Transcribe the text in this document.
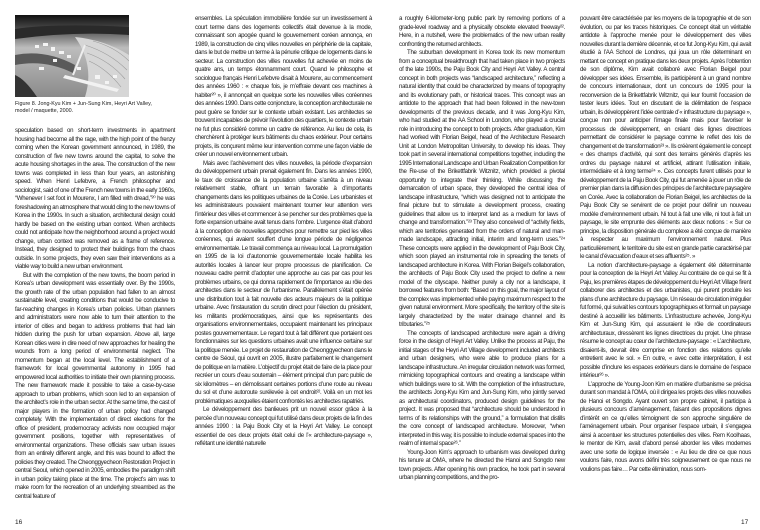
Figure 8. Jong-Kyu Kim + Jun-Sung Kim, Heyri Art Valley, model / maquette, 2000.

speculation based on short-term investments in apartment housing had become all the rage, with the high point of the frenzy coming when the Korean government announced, in 1989, the construction of five new towns around the capital, to solve the acute housing shortages in the area. The construction of the new towns was completed in less than four years, an astonishing speed. When Henri Lefebvre, a French philosopher and sociologist, said of one of the French new towns in the early 1960s, “Whenever I set foot in Mourenx, I am filled with dread,”²⁰ he was foreshadowing an atmosphere that would cling to the new towns of Korea in the 1990s. In such a situation, architectural design could hardly be based on the existing urban context. When architects could not anticipate how the neighborhood around a project would change, urban context was removed as a frame of reference. Instead, they designed to protect their buildings from the chaos outside. In some projects, they even saw their interventions as a viable way to build a new urban environment.

But with the completion of the new towns, the boom period in Korea’s urban development was essentially over. By the 1990s, the growth rate of the urban population had fallen to an almost sustainable level, creating conditions that would be conducive to far-reaching changes in Korea’s urban policies. Urban planners and administrators were now able to turn their attention to the interior of cities and began to address problems that had lain hidden during the push for urban expansion. Above all, large Korean cities were in dire need of new approaches for healing the wounds from a long period of environmental neglect. The momentum began at the local level. The establishment of a framework for local governmental autonomy in 1995 had empowered local authorities to initiate their own planning process. The new framework made it possible to take a case-by-case approach to urban problems, which soon led to an expansion of the architect’s role in the urban sector. At the same time, the cast of major players in the formation of urban policy had changed completely. With the implementation of direct elections for the office of president, prodemocracy activists now occupied major government positions, together with representatives of environmental organizations. These officials saw urban issues from an entirely different angle, and this was bound to affect the policies they created. The Cheonggyecheon Restoration Project in central Seoul, which opened in 2005, embodies the paradigm shift in urban policy taking place at the time. The project’s aim was to make room for the recreation of an underlying streambed as the central feature of

ensembles. La spéculation immobilière fondée sur un investissement à court terme dans des logements collectifs était devenue à la mode, connaissant son apogée quand le gouvernement coréen annonça, en 1989, la construction de cinq villes nouvelles en périphérie de la capitale, dans le but de mettre un terme à la pénurie critique de logements dans le secteur. La construction des villes nouvelles fut achevée en moins de quatre ans, un temps étonnamment court. Quand le philosophe et sociologue français Henri Lefebvre disait à Mourenx, au commencement des années 1960 : « chaque fois, je m’effraie devant ces machines à habiter²⁰ », il annonçait en quelque sorte les nouvelles villes coréennes des années 1990. Dans cette conjoncture, la conception architecturale ne peut guère se fonder sur le contexte urbain existant. Les architectes se trouvent incapables de prévoir l’évolution des quartiers, le contexte urbain ne fut plus considéré comme un cadre de référence. Au lieu de cela, ils cherchèrent à protéger leurs bâtiments du chaos extérieur. Pour certains projets, ils conçurent même leur intervention comme une façon viable de créer un nouvel environnement urbain.

Mais avec l’achèvement des villes nouvelles, la période d’expansion du développement urbain prenait également fin. Dans les années 1990, le taux de croissance de la population urbaine s’arrêta à un niveau relativement stable, offrant un terrain favorable à d’importants changements dans les politiques urbaines de la Corée. Les urbanistes et les administrateurs pouvaient maintenant tourner leur attention vers l’intérieur des villes et commencer à se pencher sur des problèmes que la forte expansion urbaine avait tenus dans l’ombre. L’urgence était d’abord à la conception de nouvelles approches pour remettre sur pied les villes coréennes, qui avaient souffert d’une longue période de négligence environnementale. Le travail commença au niveau local. La promulgation en 1995 de la loi d’autonomie gouvernementale locale habilita les autorités locales à lancer leur propre processus de planification. Ce nouveau cadre permit d’adopter une approche au cas par cas pour les problèmes urbains, ce qui donna rapidement de l’importance au rôle des architectes dans le secteur de l’urbanisme. Parallèlement s’était opérée une distribution tout à fait nouvelle des acteurs majeurs de la politique urbaine. Avec l’instauration du scrutin direct pour l’élection du président, les militants prodémocratiques, ainsi que les représentants des organisations environnementales, occupaient maintenant les principaux postes gouvernementaux. Le regard tout à fait différent que portaient ces fonctionnaires sur les questions urbaines avait une influence certaine sur la politique menée. Le projet de restauration de Cheonggyecheon dans le centre de Séoul, qui ouvrit en 2005, illustre parfaitement le changement de politique en la matière. L’objectif du projet était de faire de la place pour recréer un cours d’eau souterrain – élément principal d’un parc public de six kilomètres – en démolissant certaines portions d’une route au niveau du sol et d’une autoroute surélevée à cet endroit²². Voilà en un mot les problématiques auxquelles étaient confrontés les architectes rapatriés.

Le développement des banlieues prit un nouvel essor grâce à la percée d’un nouveau concept qui fut utilisé dans deux projets de la fin des années 1990 : la Paju Book City et la Heyri Art Valley. Le concept essentiel de ces deux projets était celui de l’« architecture-paysage », reflétant une identité naturelle

a roughly 6-kilometer-long public park by removing portions of a grade-level roadway and a physically obsolete elevated freeway²². Here, in a nutshell, were the problematics of the new urban reality confronting the returned architects.

The suburban development in Korea took its new momentum from a conceptual breakthrough that had taken place in two projects of the late 1990s, the Paju Book City and Heyri Art Valley. A central concept in both projects was “landscaped architecture,” reflecting a natural identity that could be characterized by means of topography and its evolutionary path, or historical traces. This concept was an antidote to the approach that had been followed in the new-town developments of the previous decade, and it was Jong-Kyu Kim, who had studied at the AA School in London, who played a crucial role in introducing the concept to both projects. After graduation, Kim had worked with Florian Beigel, head of the Architecture Research Unit at London Metropolitan University, to develop his ideas. They took part in several international competitions together, including the 1995 International Landscape and Urban Realization Competition for the Re-use of the Brikettfabrik Witznitz, which provided a pivotal opportunity to integrate their thinking. While discussing the demarcation of urban space, they developed the central idea of landscape infrastructure, “which was designed not to anticipate the final picture but to stimulate a development process, creating guidelines that allow us to interpret land as a medium for laws of change and transformation.”²³ They also conceived of “activity fields, which are territories generated from the orders of natural and man-made landscape, attracting initial, interim and long-term uses.”²⁴ These concepts were applied in the development of Paju Book City, which soon played an instrumental role in spreading the tenets of landscaped architecture in Korea. With Florian Beigel’s collaboration, the architects of Paju Book City used the project to define a new model of the cityscape. Neither purely a city nor a landscape, it borrowed features from both: “Based on this goal, the major layout of the complex was implemented while paying maximum respect to the given natural environment. More specifically, the territory of the site is largely characterized by the water drainage channel and its tributaries.”²⁵

The concepts of landscaped architecture were again a driving force in the design of Heyri Art Valley. Unlike the process at Paju, the initial stages of the Heyri Art Village development included architects and urban designers, who were able to produce plans for a landscape infrastructure. An irregular circulation network was formed, mimicking topographical contours and creating a landscape within which buildings were to sit. With the completion of the infrastructure, the architects Jong-Kyu Kim and Jun-Sung Kim, who jointly served as architectural coordinators, produced design guidelines for the project. It was proposed that “architecture should be understood in terms of its relationships with the ground,” a formulation that distills the core concept of landscaped architecture. Moreover, “when interpreted in this way, it is possible to include external spaces into the realm of internal space²⁶.”

Young-Joon Kim’s approach to urbanism was developed during his tenure at OMA, where he directed the Hanoi and Songdo new town projects. After opening his own practice, he took part in several urban planning competitions, and the pro-

pouvant être caractérisée par les moyens de la topographie et de son évolution, ou par les traces historiques. Ce concept était un véritable antidote à l’approche menée pour le développement des villes nouvelles durant la dernière décennie, et ce fut Jong-Kyu Kim, qui avait étudié à l’AA School de Londres, qui joua un rôle déterminant en mettant ce concept en pratique dans les deux projets. Après l’obtention de son diplôme, Kim avait collaboré avec Florian Beigel pour développer ses idées. Ensemble, ils participèrent à un grand nombre de concours internationaux, dont un concours de 1995 pour la reconversion de la Brikettfabrik Witznitz, qui leur fournit l’occasion de tester leurs idées. Tout en discutant de la délimitation de l’espace urbain, ils développèrent l’idée centrale d’« infrastructure du paysage », conçue non pour anticiper l’image finale mais pour favoriser le processus de développement, en créant des lignes directrices permettant de considérer le paysage comme le reflet des lois de changement et de transformation²³ ». Ils créèrent également le concept « des champs d’activité, qui sont des terrains générés d’après les ordres du paysage naturel et artificiel, attirant l’utilisation initiale, intermédiaire et à long terme²⁴ ». Ces concepts furent utilisés pour le développement de la Paju Book City, qui fut amenée à jouer un rôle de premier plan dans la diffusion des principes de l’architecture paysagère en Corée. Avec la collaboration de Florian Beigel, les architectes de la Paju Book City se servirent de ce projet pour définir un nouveau modèle d’environnement urbain. Ni tout à fait une ville, ni tout à fait un paysage, le site emprunte des éléments aux deux notions : « Sur ce principe, la disposition générale du complexe a été conçue de manière à respecter au maximum l’environnement naturel. Plus particulièrement, le territoire du site est en grande partie caractérisé par le canal d’évacuation d’eaux et ses affluents²⁵. »

La notion d’architecture-paysage a également été déterminante pour la conception de la Heyri Art Valley. Au contraire de ce qui se fit à Paju, les premières étapes de développement du Heyri Art Village firent collaborer des architectes et des urbanistes, qui purent produire les plans d’une architecture du paysage. Un réseau de circulation irrégulier fut formé, qui suivait les contours topographiques et formait un paysage destiné à accueillir les bâtiments. L’infrastructure achevée, Jong-Kyu Kim et Jun-Sung Kim, qui assuraient le rôle de coordinateurs architecturaux, dressèrent les lignes directrices du projet. Une phrase résume le concept au cœur de l’architecture-paysage : « L’architecture, disaient-ils, devrait être comprise en fonction des relations qu’elle entretient avec le sol. » En outre, « avec cette interprétation, il est possible d’inclure les espaces extérieurs dans le domaine de l’espace intérieur²⁶ ».

L’approche de Young-Joon Kim en matière d’urbanisme se précisa durant son mandat à l’OMA, où il dirigea les projets des villes nouvelles de Hanoi et Songdo. Ayant ouvert son propre cabinet, il participa à plusieurs concours d’aménagement, faisant des propositions dignes d’intérêt en ce qu’elles témoignent de son approche singulière de l’aménagement urbain. Pour organiser l’espace urbain, il s’engagea ainsi à accentuer les structures potentielles des villes. Rem Koolhaas, le mentor de Kim, avait d’abord pensé aborder les villes modernes avec une sorte de logique inversée : « Au lieu de dire ce que nous voulons faire, nous avons défini très soigneusement ce que nous ne voulions pas faire… Par cette élimination, nous som-

16	17
